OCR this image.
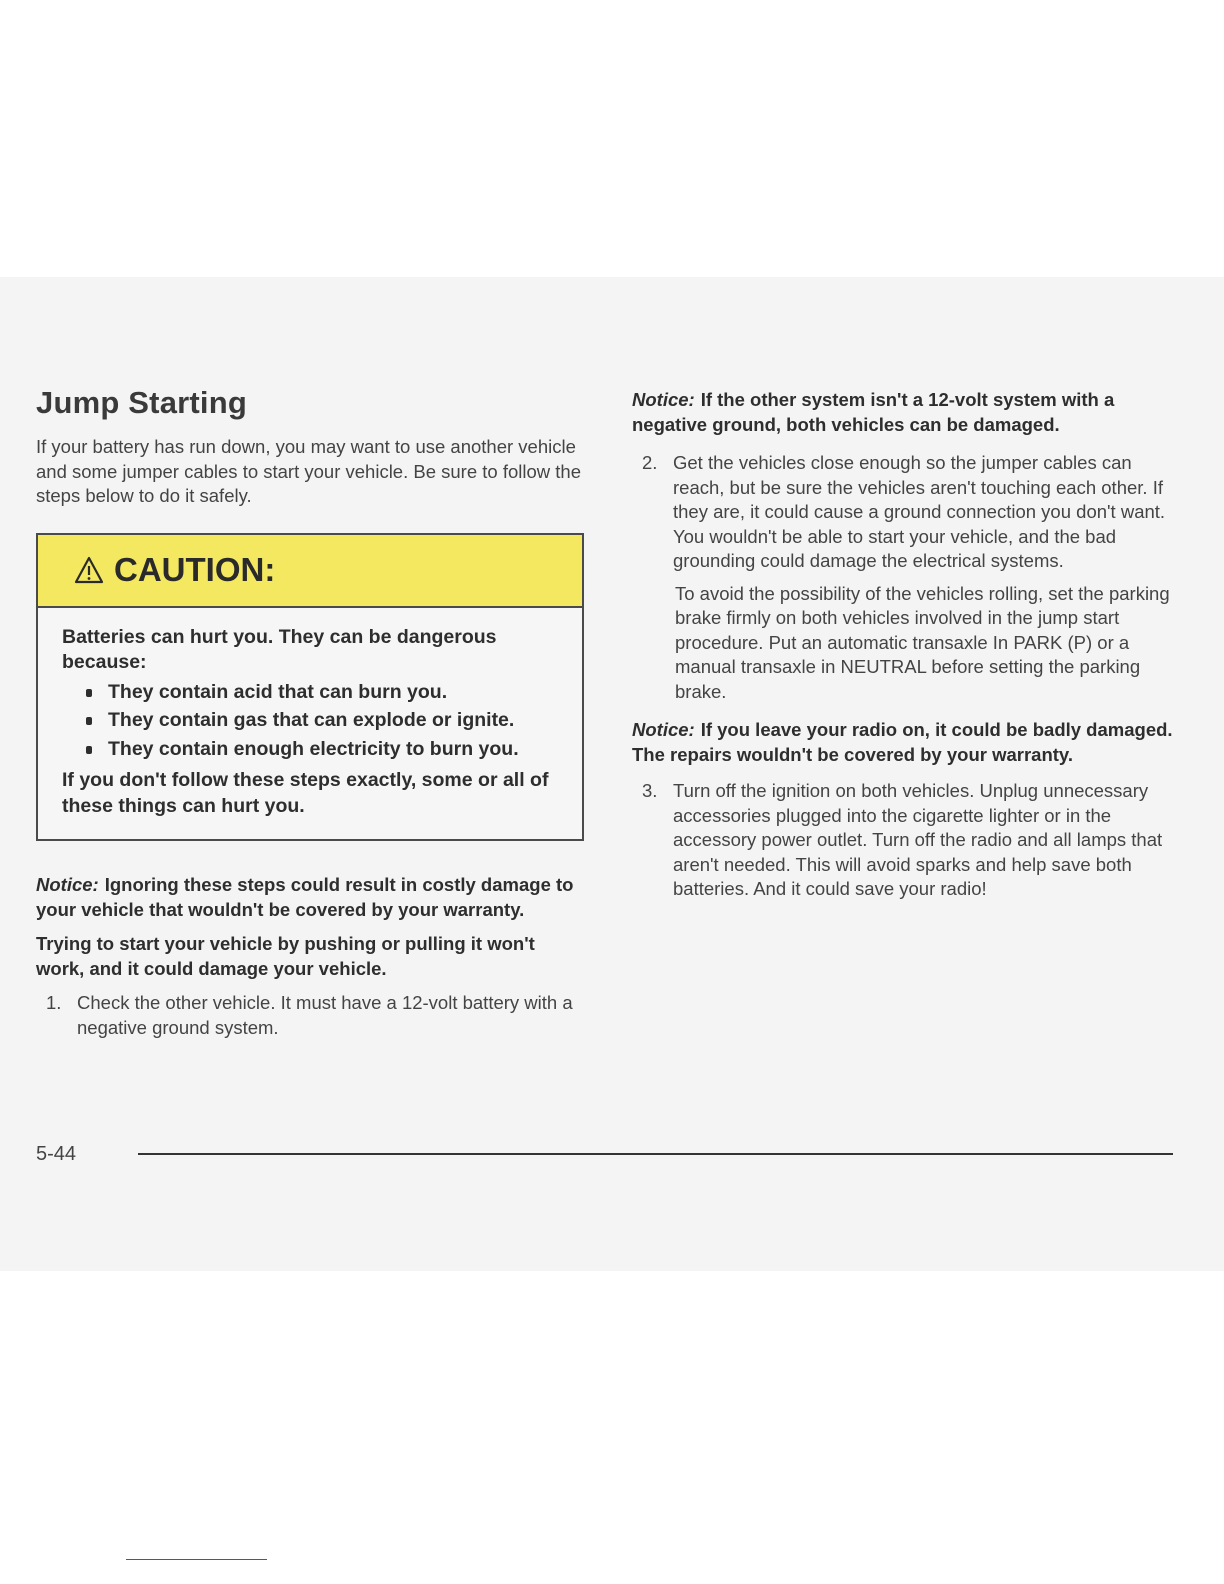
Jump Starting

If your battery has run down, you may want to use another vehicle and some jumper cables to start your vehicle. Be sure to follow the steps below to do it safely.

CAUTION:

Batteries can hurt you. They can be dangerous because:

They contain acid that can burn you.
They contain gas that can explode or ignite.
They contain enough electricity to burn you.

If you don't follow these steps exactly, some or all of these things can hurt you.

Notice: Ignoring these steps could result in costly damage to your vehicle that wouldn't be covered by your warranty.

Trying to start your vehicle by pushing or pulling it won't work, and it could damage your vehicle.

1. Check the other vehicle. It must have a 12-volt battery with a negative ground system.

Notice: If the other system isn't a 12-volt system with a negative ground, both vehicles can be damaged.

2. Get the vehicles close enough so the jumper cables can reach, but be sure the vehicles aren't touching each other. If they are, it could cause a ground connection you don't want. You wouldn't be able to start your vehicle, and the bad grounding could damage the electrical systems.

To avoid the possibility of the vehicles rolling, set the parking brake firmly on both vehicles involved in the jump start procedure. Put an automatic transaxle In PARK (P) or a manual transaxle in NEUTRAL before setting the parking brake.

Notice: If you leave your radio on, it could be badly damaged. The repairs wouldn't be covered by your warranty.

3. Turn off the ignition on both vehicles. Unplug unnecessary accessories plugged into the cigarette lighter or in the accessory power outlet. Turn off the radio and all lamps that aren't needed. This will avoid sparks and help save both batteries. And it could save your radio!
5-44
